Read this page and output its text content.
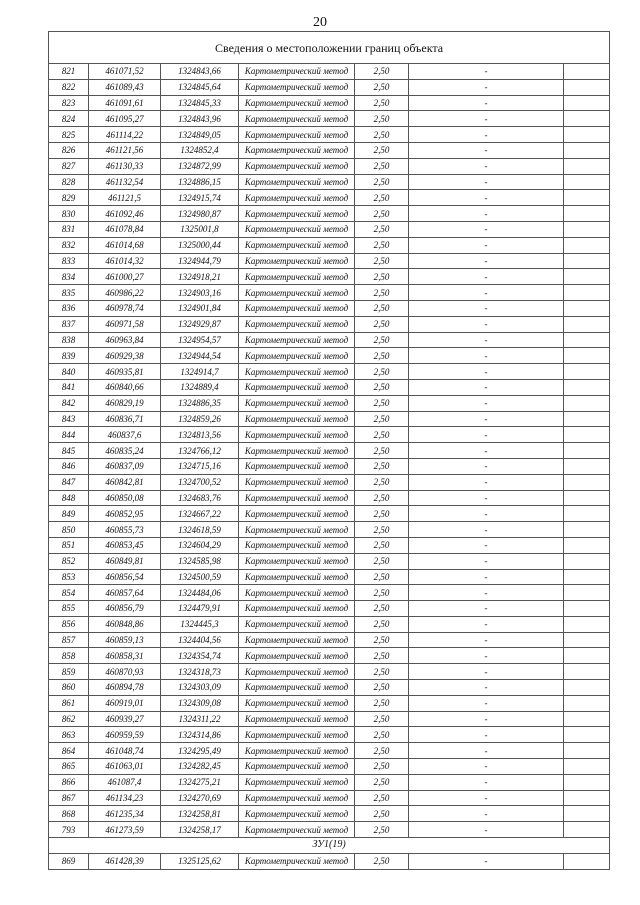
20
Сведения о местоположении границ объекта						
821	461071,52	1324843,66	Картометрический метод	2,50	-	
822	461089,43	1324845,64	Картометрический метод	2,50	-	
823	461091,61	1324845,33	Картометрический метод	2,50	-	
824	461095,27	1324843,96	Картометрический метод	2,50	-	
825	461114,22	1324849,05	Картометрический метод	2,50	-	
826	461121,56	1324852,4	Картометрический метод	2,50	-	
827	461130,33	1324872,99	Картометрический метод	2,50	-	
828	461132,54	1324886,15	Картометрический метод	2,50	-	
829	461121,5	1324915,74	Картометрический метод	2,50	-	
830	461092,46	1324980,87	Картометрический метод	2,50	-	
831	461078,84	1325001,8	Картометрический метод	2,50	-	
832	461014,68	1325000,44	Картометрический метод	2,50	-	
833	461014,32	1324944,79	Картометрический метод	2,50	-	
834	461000,27	1324918,21	Картометрический метод	2,50	-	
835	460986,22	1324903,16	Картометрический метод	2,50	-	
836	460978,74	1324901,84	Картометрический метод	2,50	-	
837	460971,58	1324929,87	Картометрический метод	2,50	-	
838	460963,84	1324954,57	Картометрический метод	2,50	-	
839	460929,38	1324944,54	Картометрический метод	2,50	-	
840	460935,81	1324914,7	Картометрический метод	2,50	-	
841	460840,66	1324889,4	Картометрический метод	2,50	-	
842	460829,19	1324886,35	Картометрический метод	2,50	-	
843	460836,71	1324859,26	Картометрический метод	2,50	-	
844	460837,6	1324813,56	Картометрический метод	2,50	-	
845	460835,24	1324766,12	Картометрический метод	2,50	-	
846	460837,09	1324715,16	Картометрический метод	2,50	-	
847	460842,81	1324700,52	Картометрический метод	2,50	-	
848	460850,08	1324683,76	Картометрический метод	2,50	-	
849	460852,95	1324667,22	Картометрический метод	2,50	-	
850	460855,73	1324618,59	Картометрический метод	2,50	-	
851	460853,45	1324604,29	Картометрический метод	2,50	-	
852	460849,81	1324585,98	Картометрический метод	2,50	-	
853	460856,54	1324500,59	Картометрический метод	2,50	-	
854	460857,64	1324484,06	Картометрический метод	2,50	-	
855	460856,79	1324479,91	Картометрический метод	2,50	-	
856	460848,86	1324445,3	Картометрический метод	2,50	-	
857	460859,13	1324404,56	Картометрический метод	2,50	-	
858	460858,31	1324354,74	Картометрический метод	2,50	-	
859	460870,93	1324318,73	Картометрический метод	2,50	-	
860	460894,78	1324303,09	Картометрический метод	2,50	-	
861	460919,01	1324309,08	Картометрический метод	2,50	-	
862	460939,27	1324311,22	Картометрический метод	2,50	-	
863	460959,59	1324314,86	Картометрический метод	2,50	-	
864	461048,74	1324295,49	Картометрический метод	2,50	-	
865	461063,01	1324282,45	Картометрический метод	2,50	-	
866	461087,4	1324275,21	Картометрический метод	2,50	-	
867	461134,23	1324270,69	Картометрический метод	2,50	-	
868	461235,34	1324258,81	Картометрический метод	2,50	-	
793	461273,59	1324258,17	Картометрический метод	2,50	-	
ЗУ1(19)						
869	461428,39	1325125,62	Картометрический метод	2,50	-	
